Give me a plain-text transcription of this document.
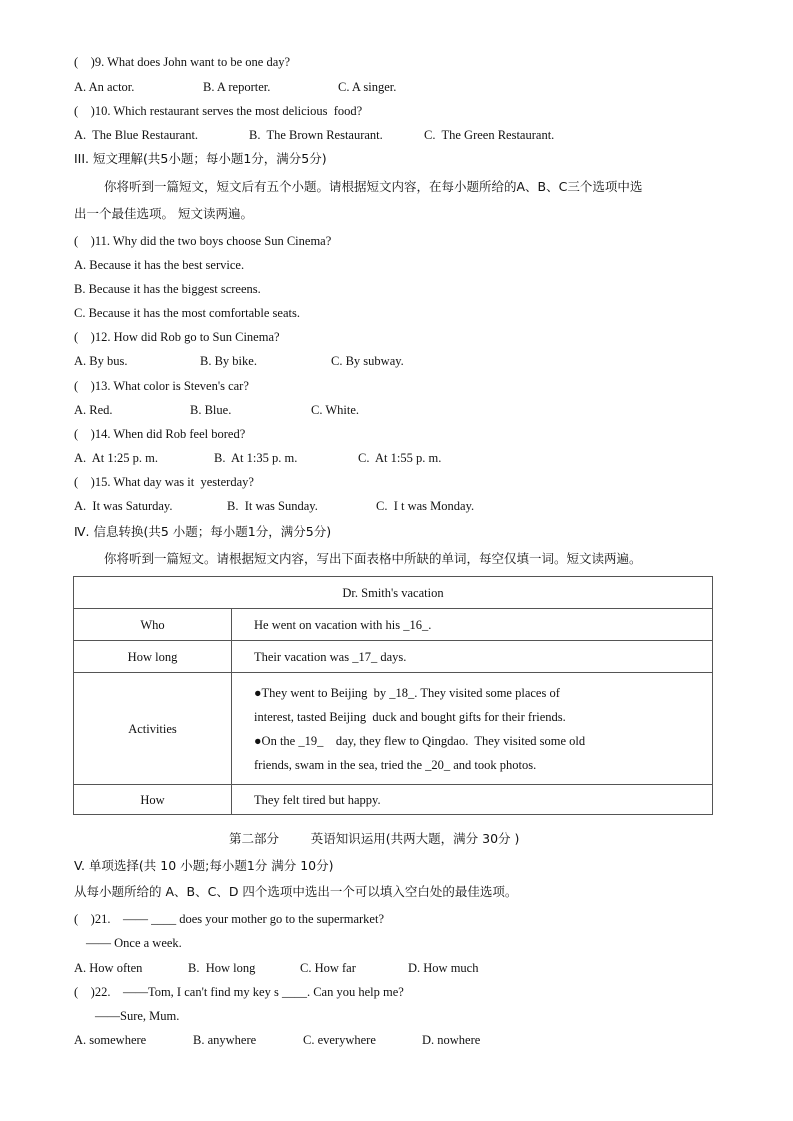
(    )9. What does John want to be one day?
A. An actor.	B. A reporter.	C. A singer.
(    )10. Which restaurant serves the most delicious  food?
A.  The Blue Restaurant.	B.  The Brown Restaurant.	C.  The Green Restaurant.
III. 短文理解(共5小题；每小题1分，满分5分)
你将听到一篇短文，短文后有五个小题。请根据短文内容，在每小题所给的A、B、C三个选项中选
出一个最佳选项。 短文读两遍。
(    )11. Why did the two boys choose Sun Cinema?
A. Because it has the best service.
B. Because it has the biggest screens.
C. Because it has the most comfortable seats.
(    )12. How did Rob go to Sun Cinema?
A. By bus.	B. By bike.	C. By subway.
(    )13. What color is Steven's car?
A. Red.	B. Blue.	C. White.
(    )14. When did Rob feel bored?
A.  At 1:25 p. m.	B.  At 1:35 p. m.	C.  At 1:55 p. m.
(    )15. What day was it  yesterday?
A.  It was Saturday.	B.  It was Sunday.	C.  I t was Monday.
Ⅳ. 信息转换(共5 小题；每小题1分，满分5分)
你将听到一篇短文。请根据短文内容，写出下面表格中所缺的单词，每空仅填一词。短文读两遍。
Dr. Smith's vacation	
Who	He went on vacation with his _16_.
How long	Their vacation was _17_ days.
Activities	●They went to Beijing  by _18_. They visited some places of
interest, tasted Beijing  duck and bought gifts for their friends.
●On the _19_    day, they flew to Qingdao.  They visited some old
friends, swam in the sea, tried the _20_ and took photos.

How	They felt tired but happy.
第二部分        英语知识运用(共两大题，满分 30分 )
V. 单项选择(共 10 小题;每小题1分 满分 10分)
从每小题所给的 A、B、C、D 四个选项中选出一个可以填入空白处的最佳选项。
(    )21.    —— ____ does your mother go to the supermarket?
—— Once a week.
A. How often	B.  How long	C. How far	D. How much
(    )22.    ——Tom, I can't find my key s ____. Can you help me?
——Sure, Mum.
A. somewhere	B. anywhere	C. everywhere	D. nowhere
